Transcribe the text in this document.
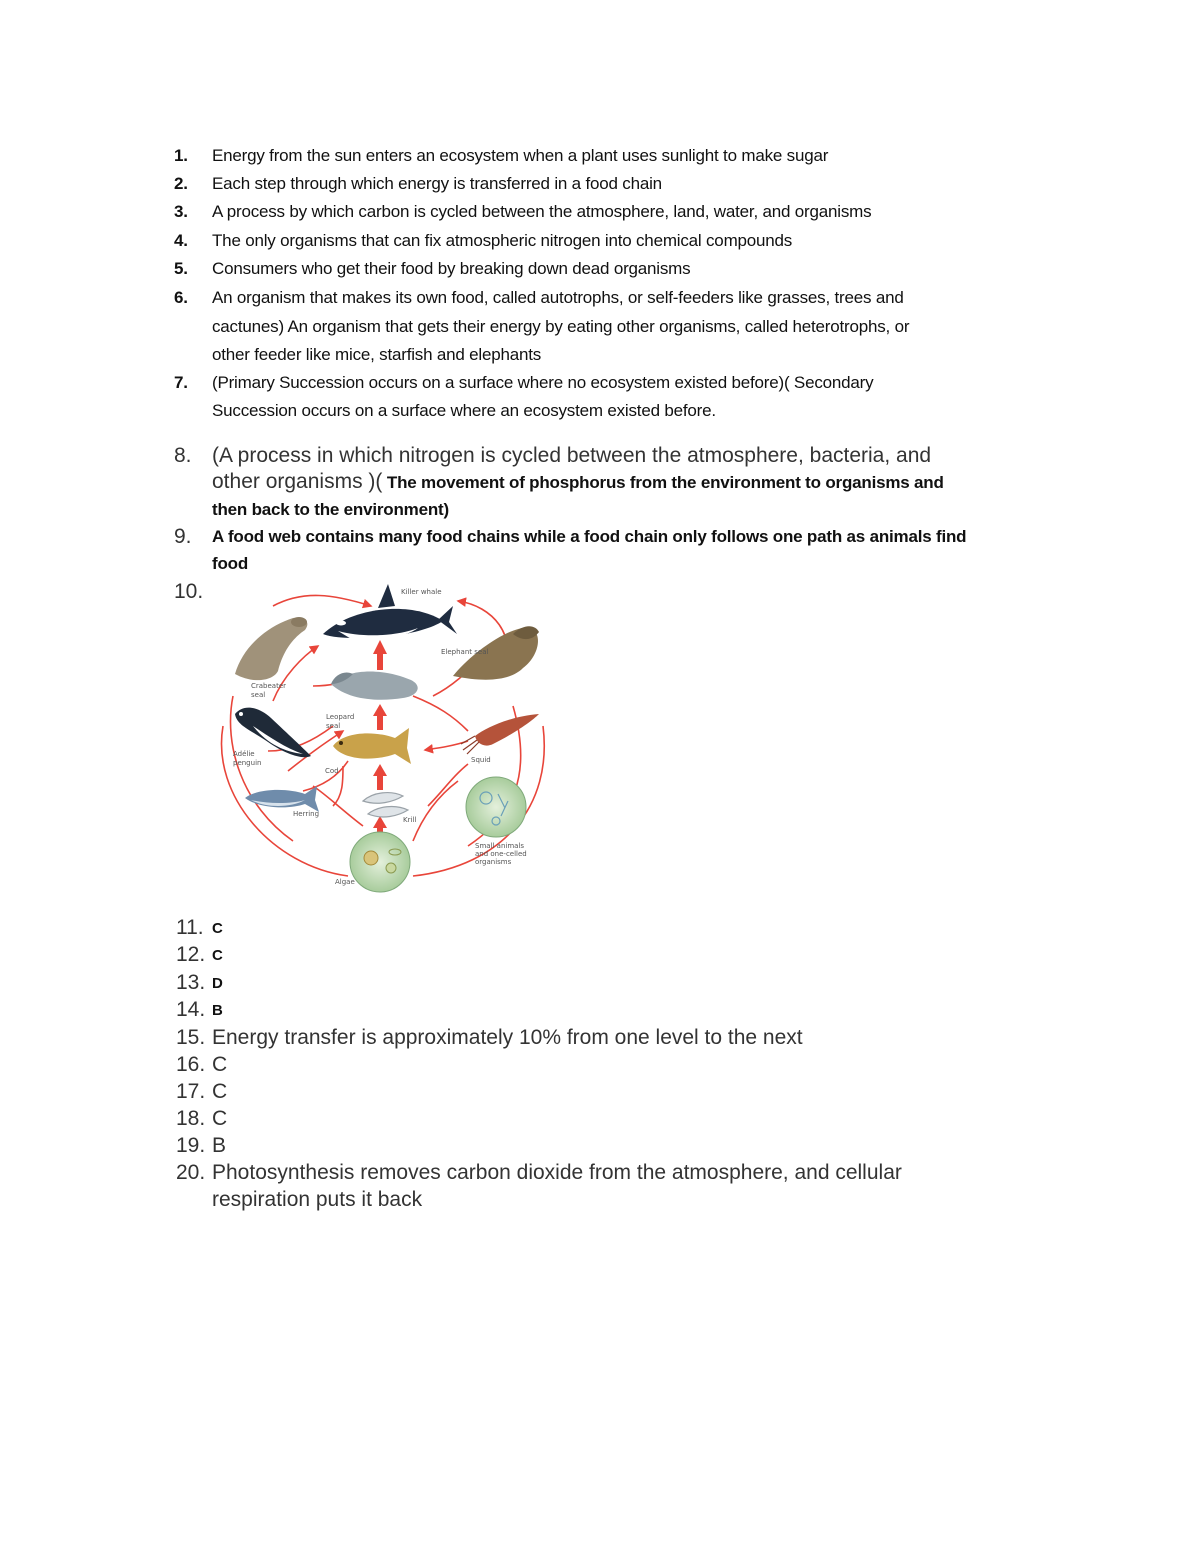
1. Energy from the sun enters an ecosystem when a plant uses sunlight to make sugar
2. Each step through which energy is transferred in a food chain
3. A process by which carbon is cycled between the atmosphere, land, water, and organisms
4. The only organisms that can fix atmospheric nitrogen into chemical compounds
5. Consumers who get their food by breaking down dead organisms
6. An organism that makes its own food, called autotrophs, or self-feeders like grasses, trees and
cactunes) An organism that gets their energy by eating other organisms, called heterotrophs, or
other feeder like mice, starfish and elephants
7. (Primary Succession occurs on a surface where no ecosystem existed before)( Secondary
Succession occurs on a surface where an ecosystem existed before.
8. (A process in which nitrogen is cycled between the atmosphere, bacteria, and
other organisms )( The movement of phosphorus from the environment to organisms and
then back to the environment)
9. A food web contains many food chains while a food chain only follows one path as animals find
food
10.	Killer whale
Crabeater
seal
Elephant seal
Leopard
seal
Adélie
penguin
Cod
Squid
Herring
Krill
Small animals
and one-celled
organisms
Algae
11. C
12. C
13. D
14. B
15. Energy transfer is approximately 10% from one level to the next
16. C
17. C
18. C
19. B
20. Photosynthesis removes carbon dioxide from the atmosphere, and cellular
respiration puts it back
